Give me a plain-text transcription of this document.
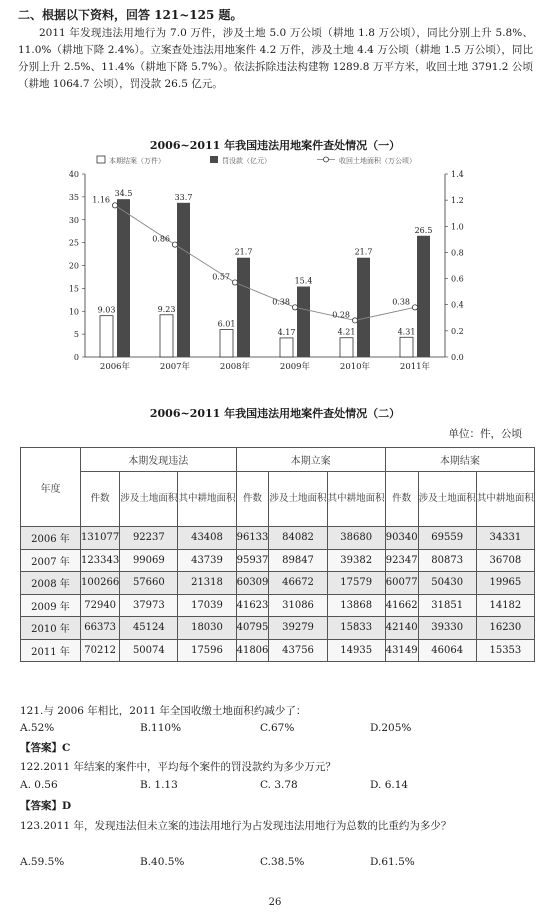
二、根据以下资料，回答 121~125 题。

2011 年发现违法用地行为 7.0 万件，涉及土地 5.0 万公顷（耕地 1.8 万公顷），同比分别上升 5.8%、11.0%（耕地下降 2.4%）。立案查处违法用地案件 4.2 万件，涉及土地 4.4 万公顷（耕地 1.5 万公顷），同比分别上升 2.5%、11.4%（耕地下降 5.7%）。依法拆除违法构建物 1289.8 万平方米，收回土地 3791.2 公顷（耕地 1064.7 公顷），罚没款 26.5 亿元。

2006~2011 年我国违法用地案件查处情况（一）
本期结案（万件）	罚没款（亿元）	收回土地面积（万公顷）
0
5
10
15
20
25
30
35
40
0.0
0.2
0.4
0.6
0.8
1.0
1.2
1.4
9.03
34.5
2006年
9.23
33.7
2007年
6.01
21.7
2008年
4.17
15.4
2009年
4.21
21.7
2010年
4.31
26.5
2011年
1.16
0.86
0.57
0.38
0.28
0.38
2006~2011 年我国违法用地案件查处情况（二）
单位：件，公顷
年度	本期发现违法			本期立案			本期结案		
	件数	涉及土地面积	其中耕地面积	件数	涉及土地面积	其中耕地面积	件数	涉及土地面积	其中耕地面积
2006 年	131077	92237	43408	96133	84082	38680	90340	69559	34331
2007 年	123343	99069	43739	95937	89847	39382	92347	80873	36708
2008 年	100266	57660	21318	60309	46672	17579	60077	50430	19965
2009 年	72940	37973	17039	41623	31086	13868	41662	31851	14182
2010 年	66373	45124	18030	40795	39279	15833	42140	39330	16230
2011 年	70212	50074	17596	41806	43756	14935	43149	46064	15353
121.与 2006 年相比，2011 年全国收缴土地面积约减少了：
A.52%	B.110%	C.67%	D.205%
【答案】C
122.2011 年结案的案件中，平均每个案件的罚没款约为多少万元？
A. 0.56	B. 1.13	C. 3.78	D. 6.14
【答案】D
123.2011 年，发现违法但未立案的违法用地行为占发现违法用地行为总数的比重约为多少？
A.59.5%	B.40.5%	C.38.5%	D.61.5%
26
